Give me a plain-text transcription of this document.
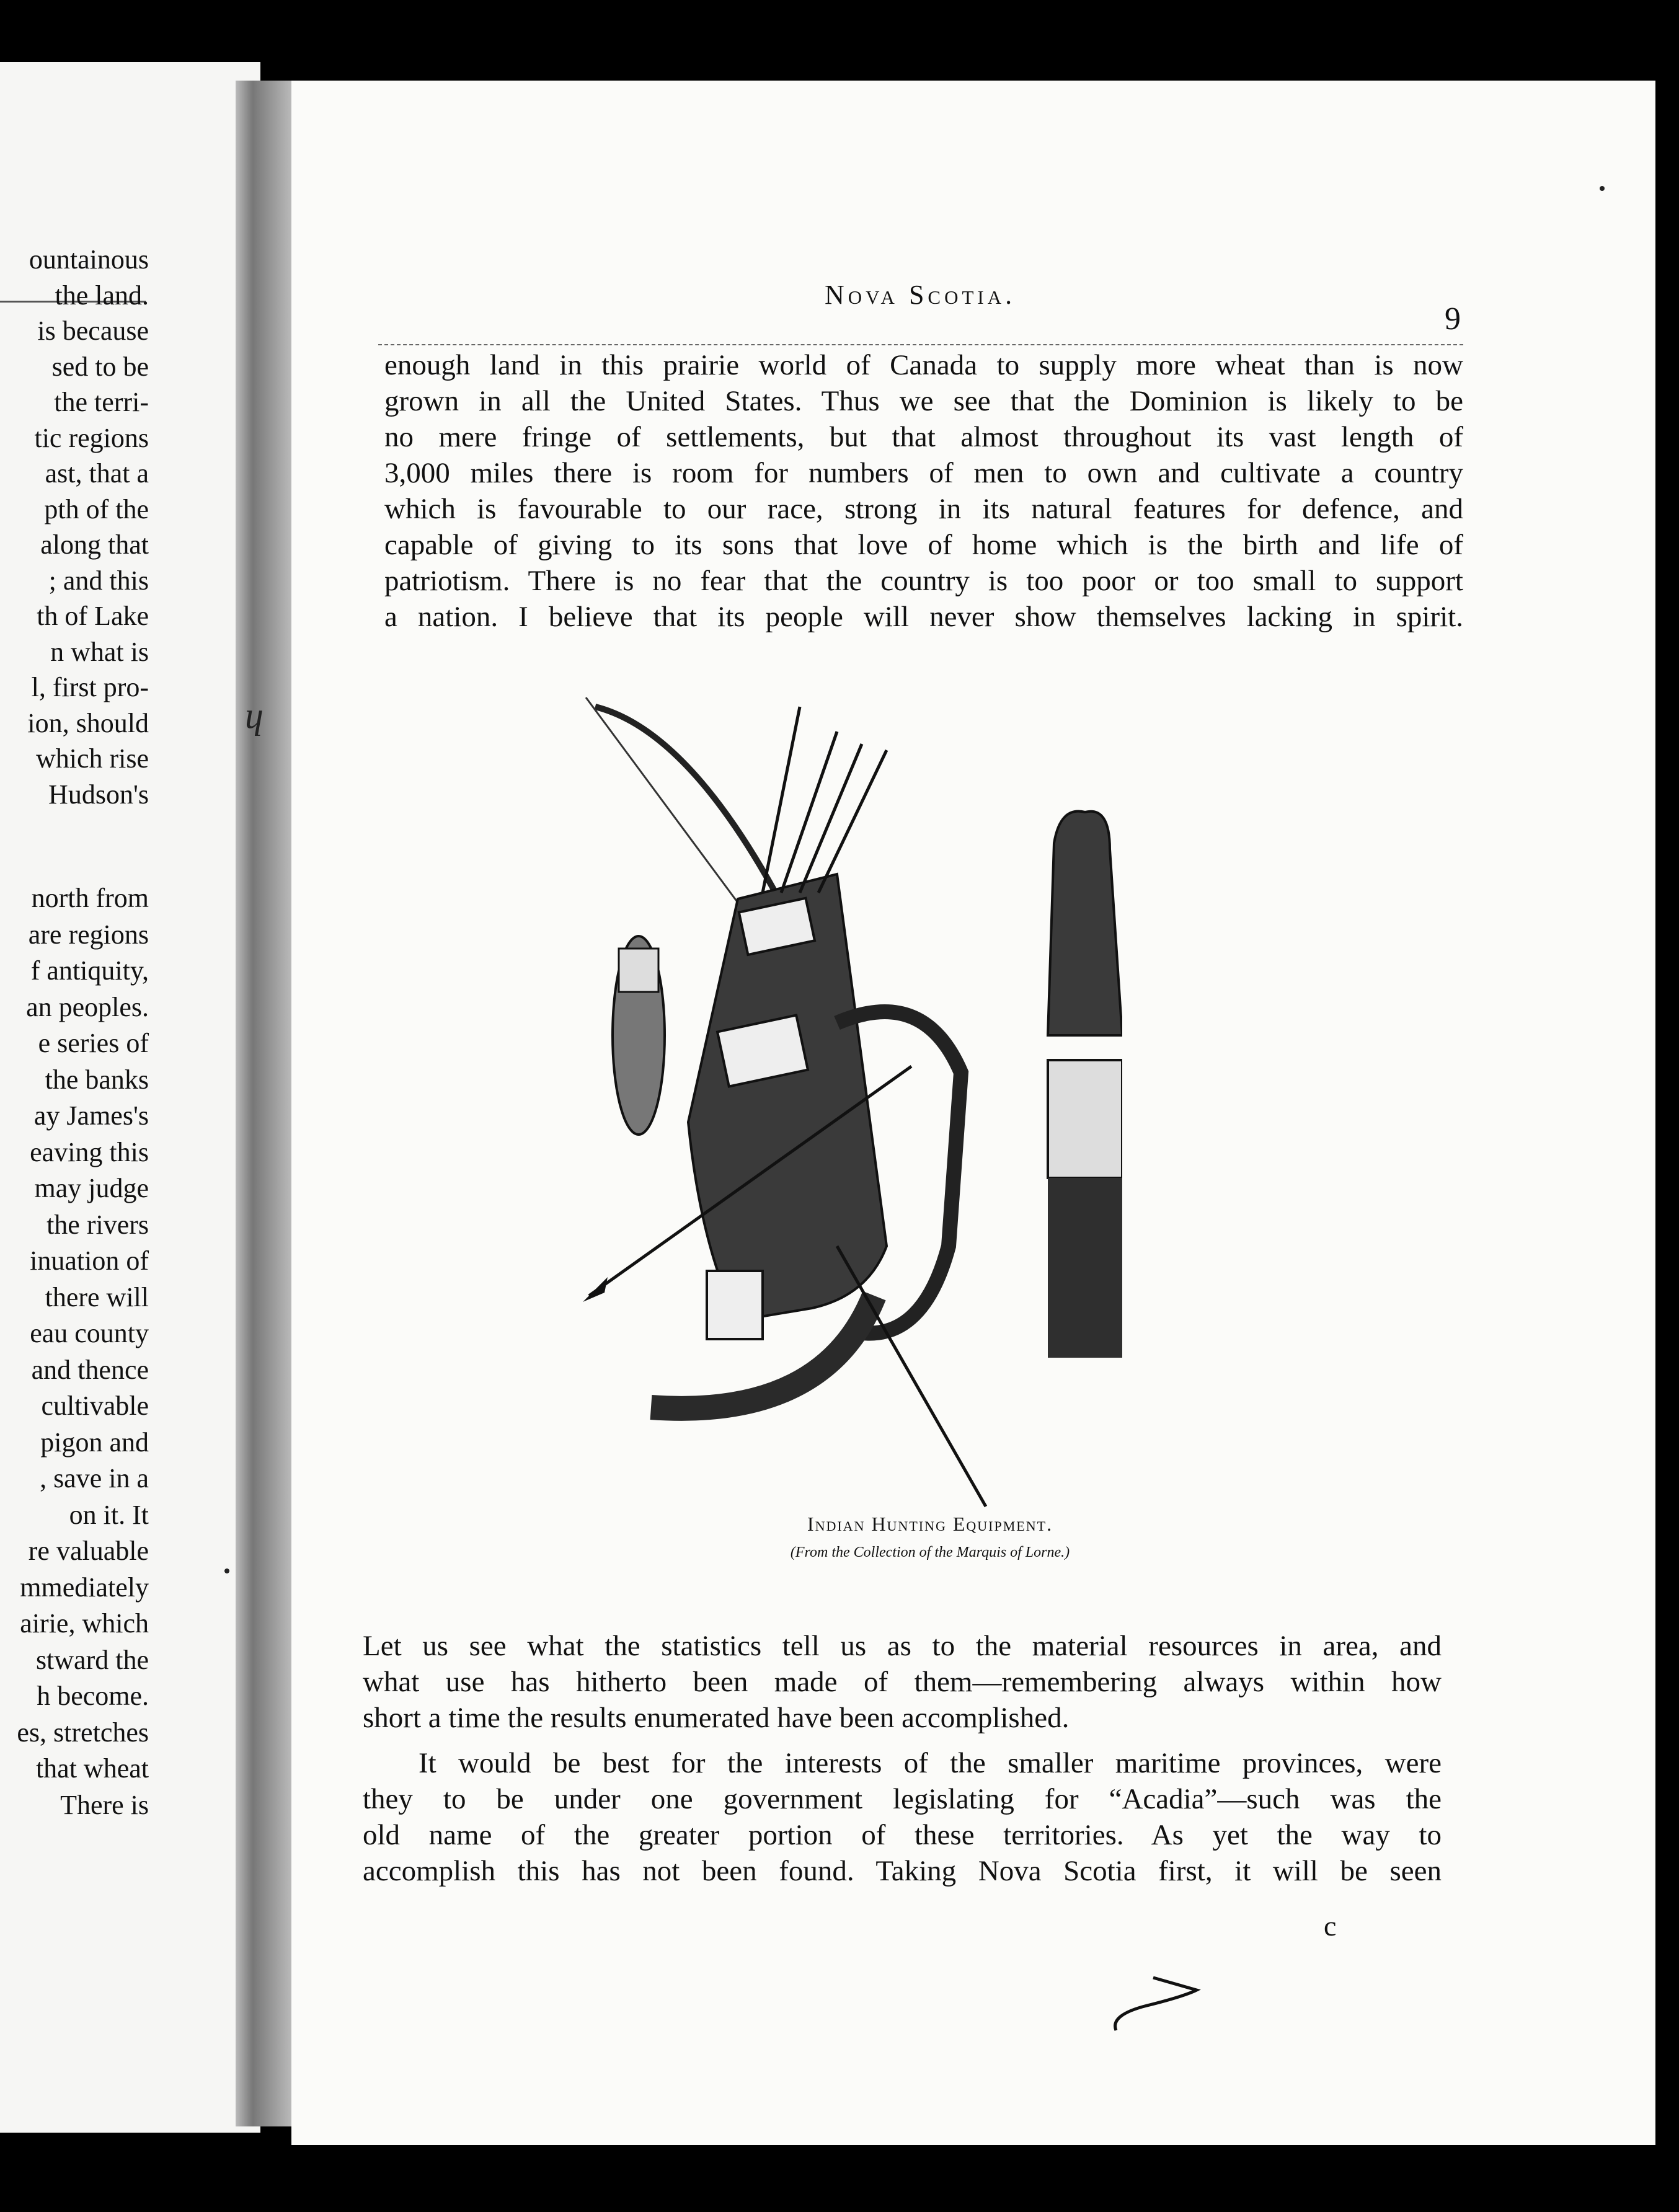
ountainous
the land.
is because
sed to be
the terri-
tic regions
ast, that a
pth of the
along that
; and this
th of Lake
n what is
l, first pro-
ion, should
which rise
Hudson's
north from
are regions
f antiquity,
an peoples.
e series of
the banks
ay James's
eaving this
may judge
the rivers
inuation of
there will
eau county
and thence
cultivable
pigon and
, save in a
on it. It
re valuable
mmediately
airie, which
stward the
h become.
es, stretches
that wheat
There is
ɥ
Nova Scotia.
9
enough land in this prairie world of Canada to supply more wheat than is now
grown in all the United States. Thus we see that the Dominion is likely to be
no mere fringe of settlements, but that almost throughout its vast length of
3,000 miles there is room for numbers of men to own and cultivate a country
which is favourable to our race, strong in its natural features for defence, and
capable of giving to its sons that love of home which is the birth and life of
patriotism. There is no fear that the country is too poor or too small to support
a nation. I believe that its people will never show themselves lacking in spirit.
Indian Hunting Equipment.
(From the Collection of the Marquis of Lorne.)
Let us see what the statistics tell us as to the material resources in area, and
what use has hitherto been made of them—remembering always within how
short a time the results enumerated have been accomplished.
It would be best for the interests of the smaller maritime provinces, were
they to be under one government legislating for “Acadia”—such was the
old name of the greater portion of these territories. As yet the way to
accomplish this has not been found. Taking Nova Scotia first, it will be seen
c
